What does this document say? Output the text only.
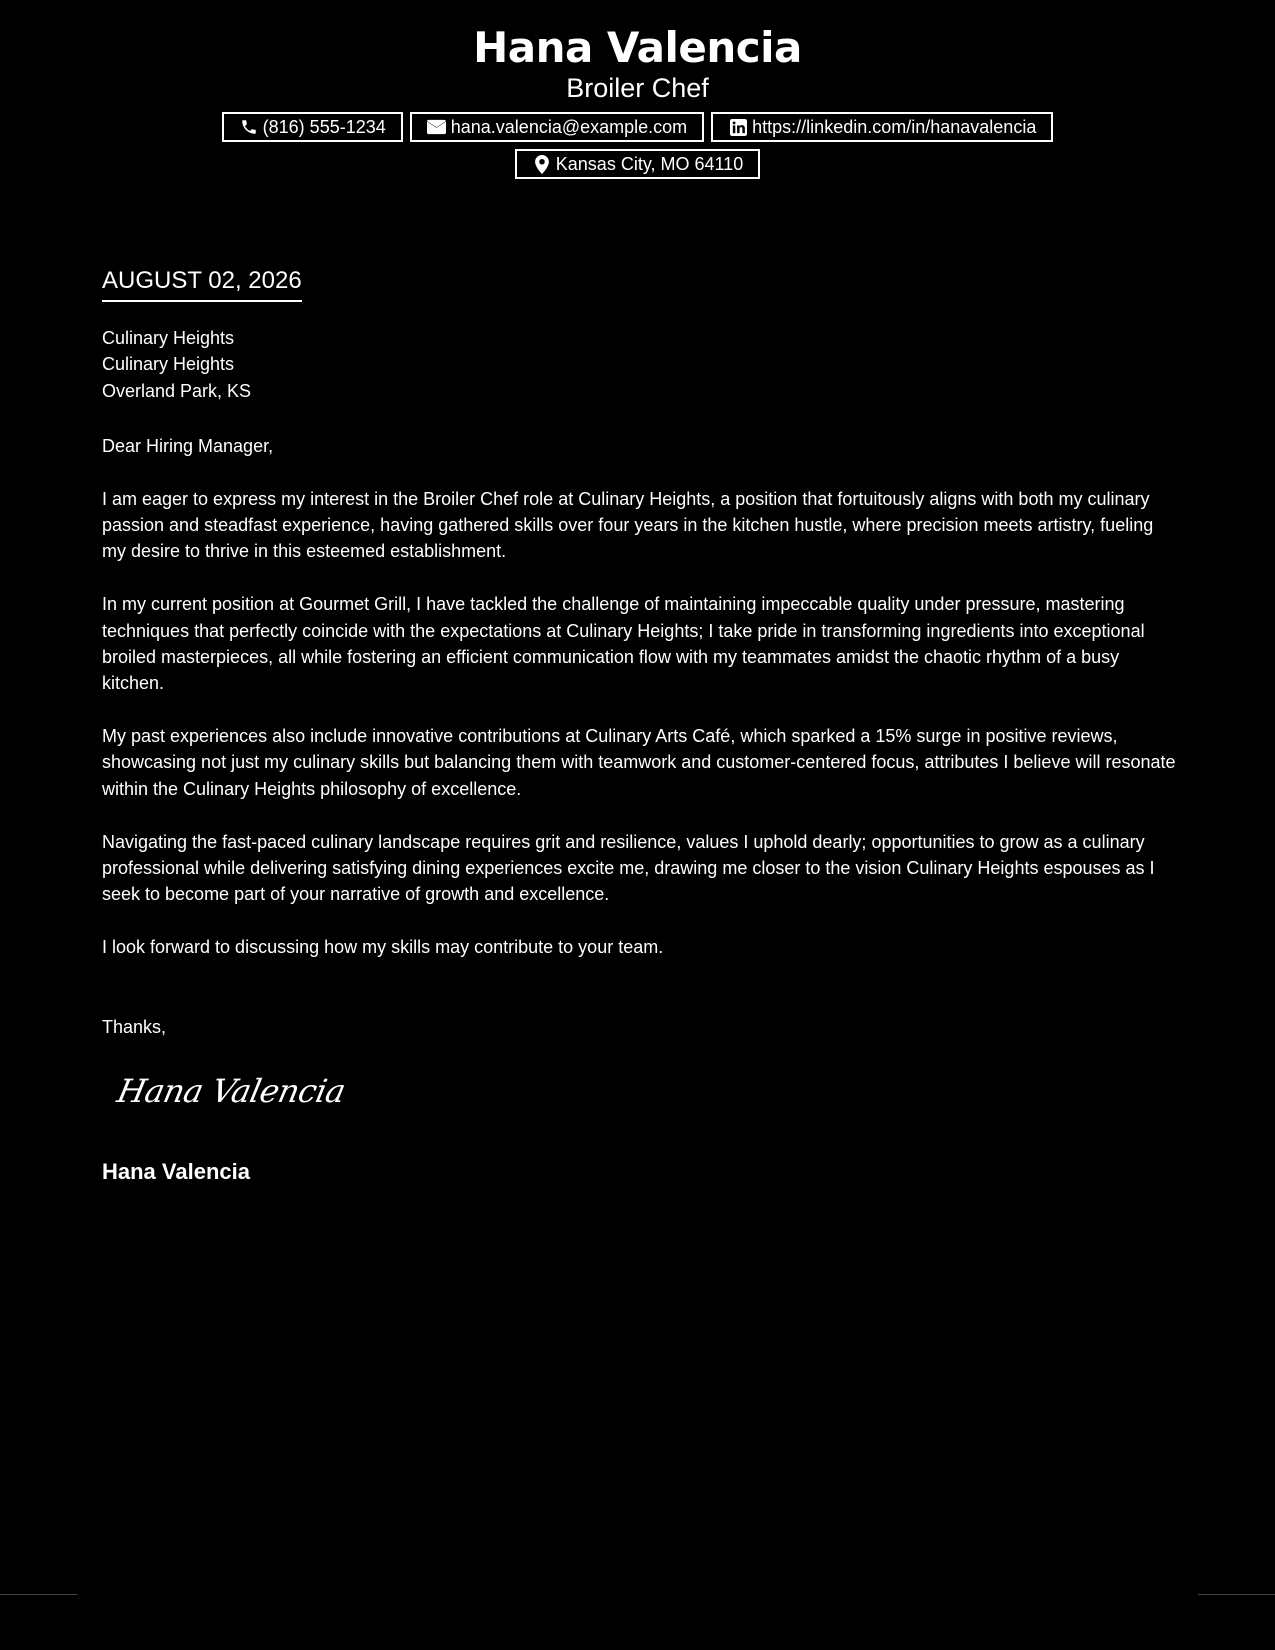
Hana Valencia
Broiler Chef
(816) 555-1234	hana.valencia@example.com	https://linkedin.com/in/hanavalencia
Kansas City, MO 64110
AUGUST 02, 2026
Culinary Heights
Culinary Heights
Overland Park, KS

Dear Hiring Manager,

I am eager to express my interest in the Broiler Chef role at Culinary Heights, a position that fortuitously aligns with both my culinary passion and steadfast experience, having gathered skills over four years in the kitchen hustle, where precision meets artistry, fueling my desire to thrive in this esteemed establishment.

In my current position at Gourmet Grill, I have tackled the challenge of maintaining impeccable quality under pressure, mastering techniques that perfectly coincide with the expectations at Culinary Heights; I take pride in transforming ingredients into exceptional broiled masterpieces, all while fostering an efficient communication flow with my teammates amidst the chaotic rhythm of a busy kitchen.

My past experiences also include innovative contributions at Culinary Arts Café, which sparked a 15% surge in positive reviews, showcasing not just my culinary skills but balancing them with teamwork and customer-centered focus, attributes I believe will resonate within the Culinary Heights philosophy of excellence.

Navigating the fast-paced culinary landscape requires grit and resilience, values I uphold dearly; opportunities to grow as a culinary professional while delivering satisfying dining experiences excite me, drawing me closer to the vision Culinary Heights espouses as I seek to become part of your narrative of growth and excellence.

I look forward to discussing how my skills may contribute to your team.

Thanks,
Hana Valencia
Hana Valencia
